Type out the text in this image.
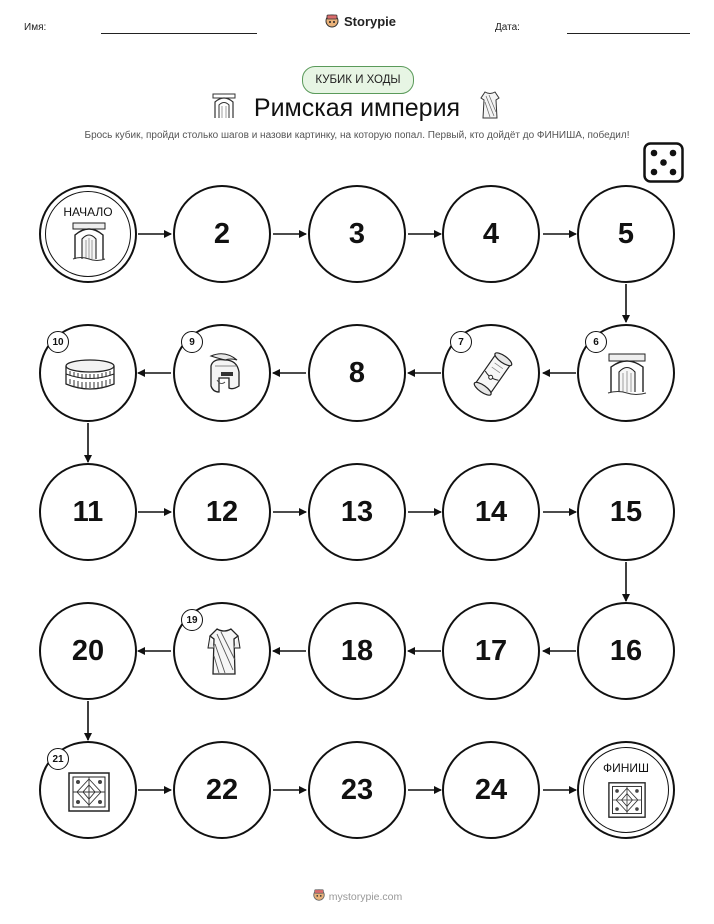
Имя:	Storypie	Дата:
КУБИК И ХОДЫ
Римская империя
Брось кубик, пройди столько шагов и назови картинку, на которую попал. Первый, кто дойдёт до ФИНИША, победил!
НАЧАЛО
2	3	4	5
6
7
8
9
10
11	12	13	14	15
16
17
18
19
20
21
22	23	24
ФИНИШ
mystorypie.com
